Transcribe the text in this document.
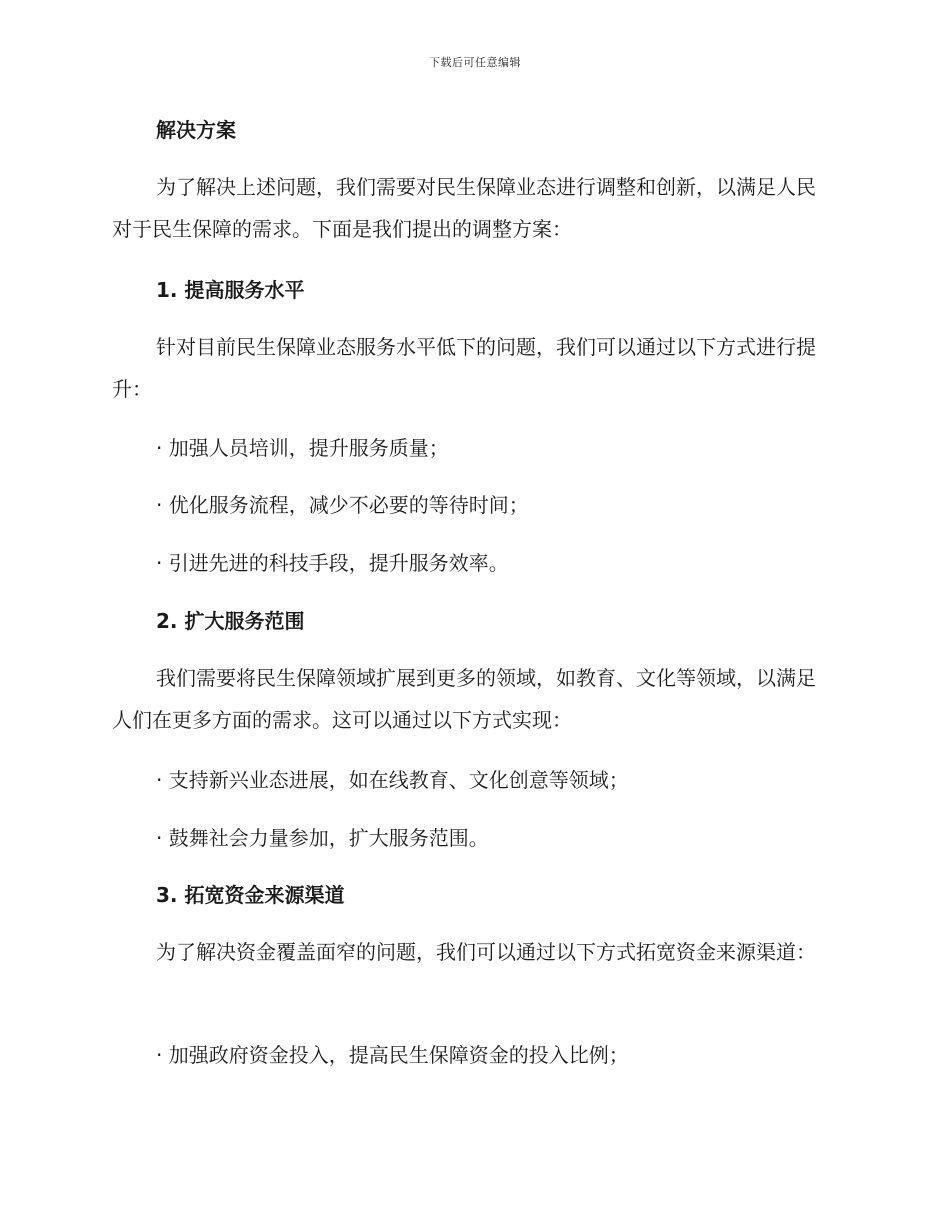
下载后可任意编辑
解决方案

为了解决上述问题，我们需要对民生保障业态进行调整和创新，以满足人民对于民生保障的需求。下面是我们提出的调整方案：

1. 提高服务水平

针对目前民生保障业态服务水平低下的问题，我们可以通过以下方式进行提升：

· 加强人员培训，提升服务质量；

· 优化服务流程，减少不必要的等待时间；

· 引进先进的科技手段，提升服务效率。

2. 扩大服务范围

我们需要将民生保障领域扩展到更多的领域，如教育、文化等领域，以满足人们在更多方面的需求。这可以通过以下方式实现：

· 支持新兴业态进展，如在线教育、文化创意等领域；

· 鼓舞社会力量参加，扩大服务范围。

3. 拓宽资金来源渠道

为了解决资金覆盖面窄的问题，我们可以通过以下方式拓宽资金来源渠道：

· 加强政府资金投入，提高民生保障资金的投入比例；
